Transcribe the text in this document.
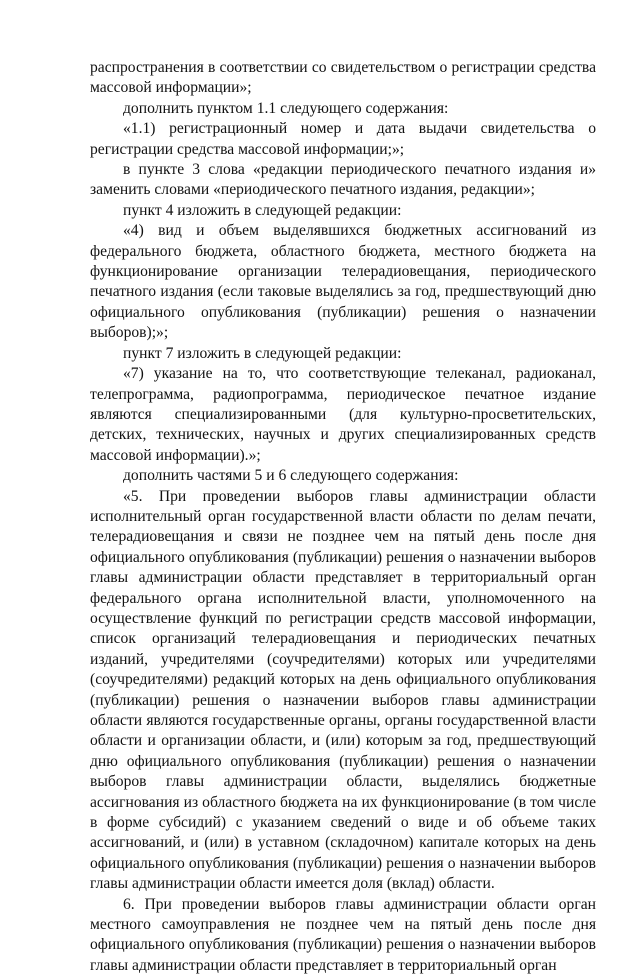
распространения в соответствии со свидетельством о регистрации средства массовой информации»;

дополнить пунктом 1.1 следующего содержания:

«1.1) регистрационный номер и дата выдачи свидетельства о регистрации средства массовой информации;»;

в пункте 3 слова «редакции периодического печатного издания и» заменить словами «периодического печатного издания, редакции»;

пункт 4 изложить в следующей редакции:

«4) вид и объем выделявшихся бюджетных ассигнований из федерального бюджета, областного бюджета, местного бюджета на функционирование организации телерадиовещания, периодического печатного издания (если таковые выделялись за год, предшествующий дню официального опубликования (публикации) решения о назначении выборов);»;

пункт 7 изложить в следующей редакции:

«7) указание на то, что соответствующие телеканал, радиоканал, телепрограмма, радиопрограмма, периодическое печатное издание являются специализированными (для культурно-просветительских, детских, технических, научных и других специализированных средств массовой информации).»;

дополнить частями 5 и 6 следующего содержания:

«5. При проведении выборов главы администрации области исполнительный орган государственной власти области по делам печати, телерадиовещания и связи не позднее чем на пятый день после дня официального опубликования (публикации) решения о назначении выборов главы администрации области представляет в территориальный орган федерального органа исполнительной власти, уполномоченного на осуществление функций по регистрации средств массовой информации, список организаций телерадиовещания и периодических печатных изданий, учредителями (соучредителями) которых или учредителями (соучредителями) редакций которых на день официального опубликования (публикации) решения о назначении выборов главы администрации области являются государственные органы, органы государственной власти области и организации области, и (или) которым за год, предшествующий дню официального опубликования (публикации) решения о назначении выборов главы администрации области, выделялись бюджетные ассигнования из областного бюджета на их функционирование (в том числе в форме субсидий) с указанием сведений о виде и об объеме таких ассигнований, и (или) в уставном (складочном) капитале которых на день официального опубликования (публикации) решения о назначении выборов главы администрации области имеется доля (вклад) области.

6. При проведении выборов главы администрации области орган местного самоуправления не позднее чем на пятый день после дня официального опубликования (публикации) решения о назначении выборов главы администрации области представляет в территориальный орган
